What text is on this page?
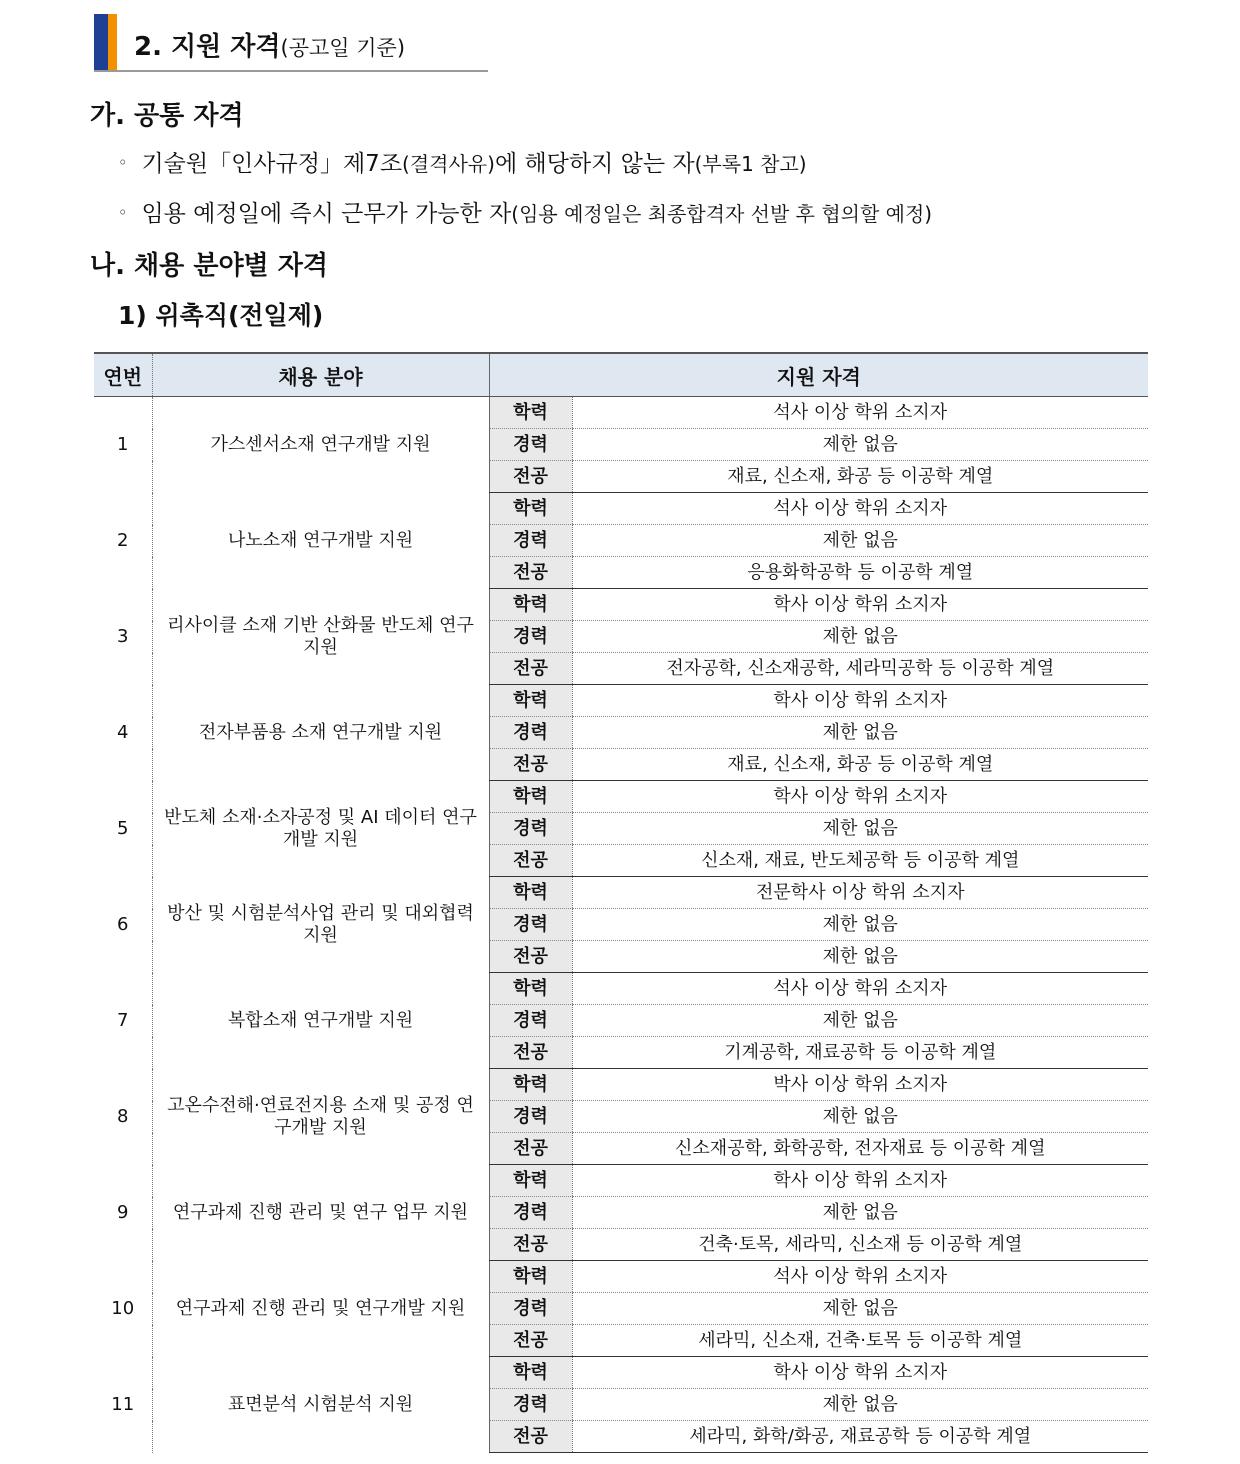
2. 지원 자격(공고일 기준)
가. 공통 자격
◦ 기술원「인사규정」제7조(결격사유)에 해당하지 않는 자(부록1 참고)
◦ 임용 예정일에 즉시 근무가 가능한 자(임용 예정일은 최종합격자 선발 후 협의할 예정)
나. 채용 분야별 자격
1) 위촉직(전일제)
연번	채용 분야	지원 자격	
1	가스센서소재 연구개발 지원	학력	석사 이상 학위 소지자
		경력	제한 없음
		전공	재료, 신소재, 화공 등 이공학 계열
2	나노소재 연구개발 지원	학력	석사 이상 학위 소지자
		경력	제한 없음
		전공	응용화학공학 등 이공학 계열
3	리사이클 소재 기반 산화물 반도체 연구 지원	학력	학사 이상 학위 소지자
		경력	제한 없음
		전공	전자공학, 신소재공학, 세라믹공학 등 이공학 계열
4	전자부품용 소재 연구개발 지원	학력	학사 이상 학위 소지자
		경력	제한 없음
		전공	재료, 신소재, 화공 등 이공학 계열
5	반도체 소재·소자공정 및 AI 데이터 연구개발 지원	학력	학사 이상 학위 소지자
		경력	제한 없음
		전공	신소재, 재료, 반도체공학 등 이공학 계열
6	방산 및 시험분석사업 관리 및 대외협력 지원	학력	전문학사 이상 학위 소지자
		경력	제한 없음
		전공	제한 없음
7	복합소재 연구개발 지원	학력	석사 이상 학위 소지자
		경력	제한 없음
		전공	기계공학, 재료공학 등 이공학 계열
8	고온수전해·연료전지용 소재 및 공정 연구개발 지원	학력	박사 이상 학위 소지자
		경력	제한 없음
		전공	신소재공학, 화학공학, 전자재료 등 이공학 계열
9	연구과제 진행 관리 및 연구 업무 지원	학력	학사 이상 학위 소지자
		경력	제한 없음
		전공	건축·토목, 세라믹, 신소재 등 이공학 계열
10	연구과제 진행 관리 및 연구개발 지원	학력	석사 이상 학위 소지자
		경력	제한 없음
		전공	세라믹, 신소재, 건축·토목 등 이공학 계열
11	표면분석 시험분석 지원	학력	학사 이상 학위 소지자
		경력	제한 없음
		전공	세라믹, 화학/화공, 재료공학 등 이공학 계열
